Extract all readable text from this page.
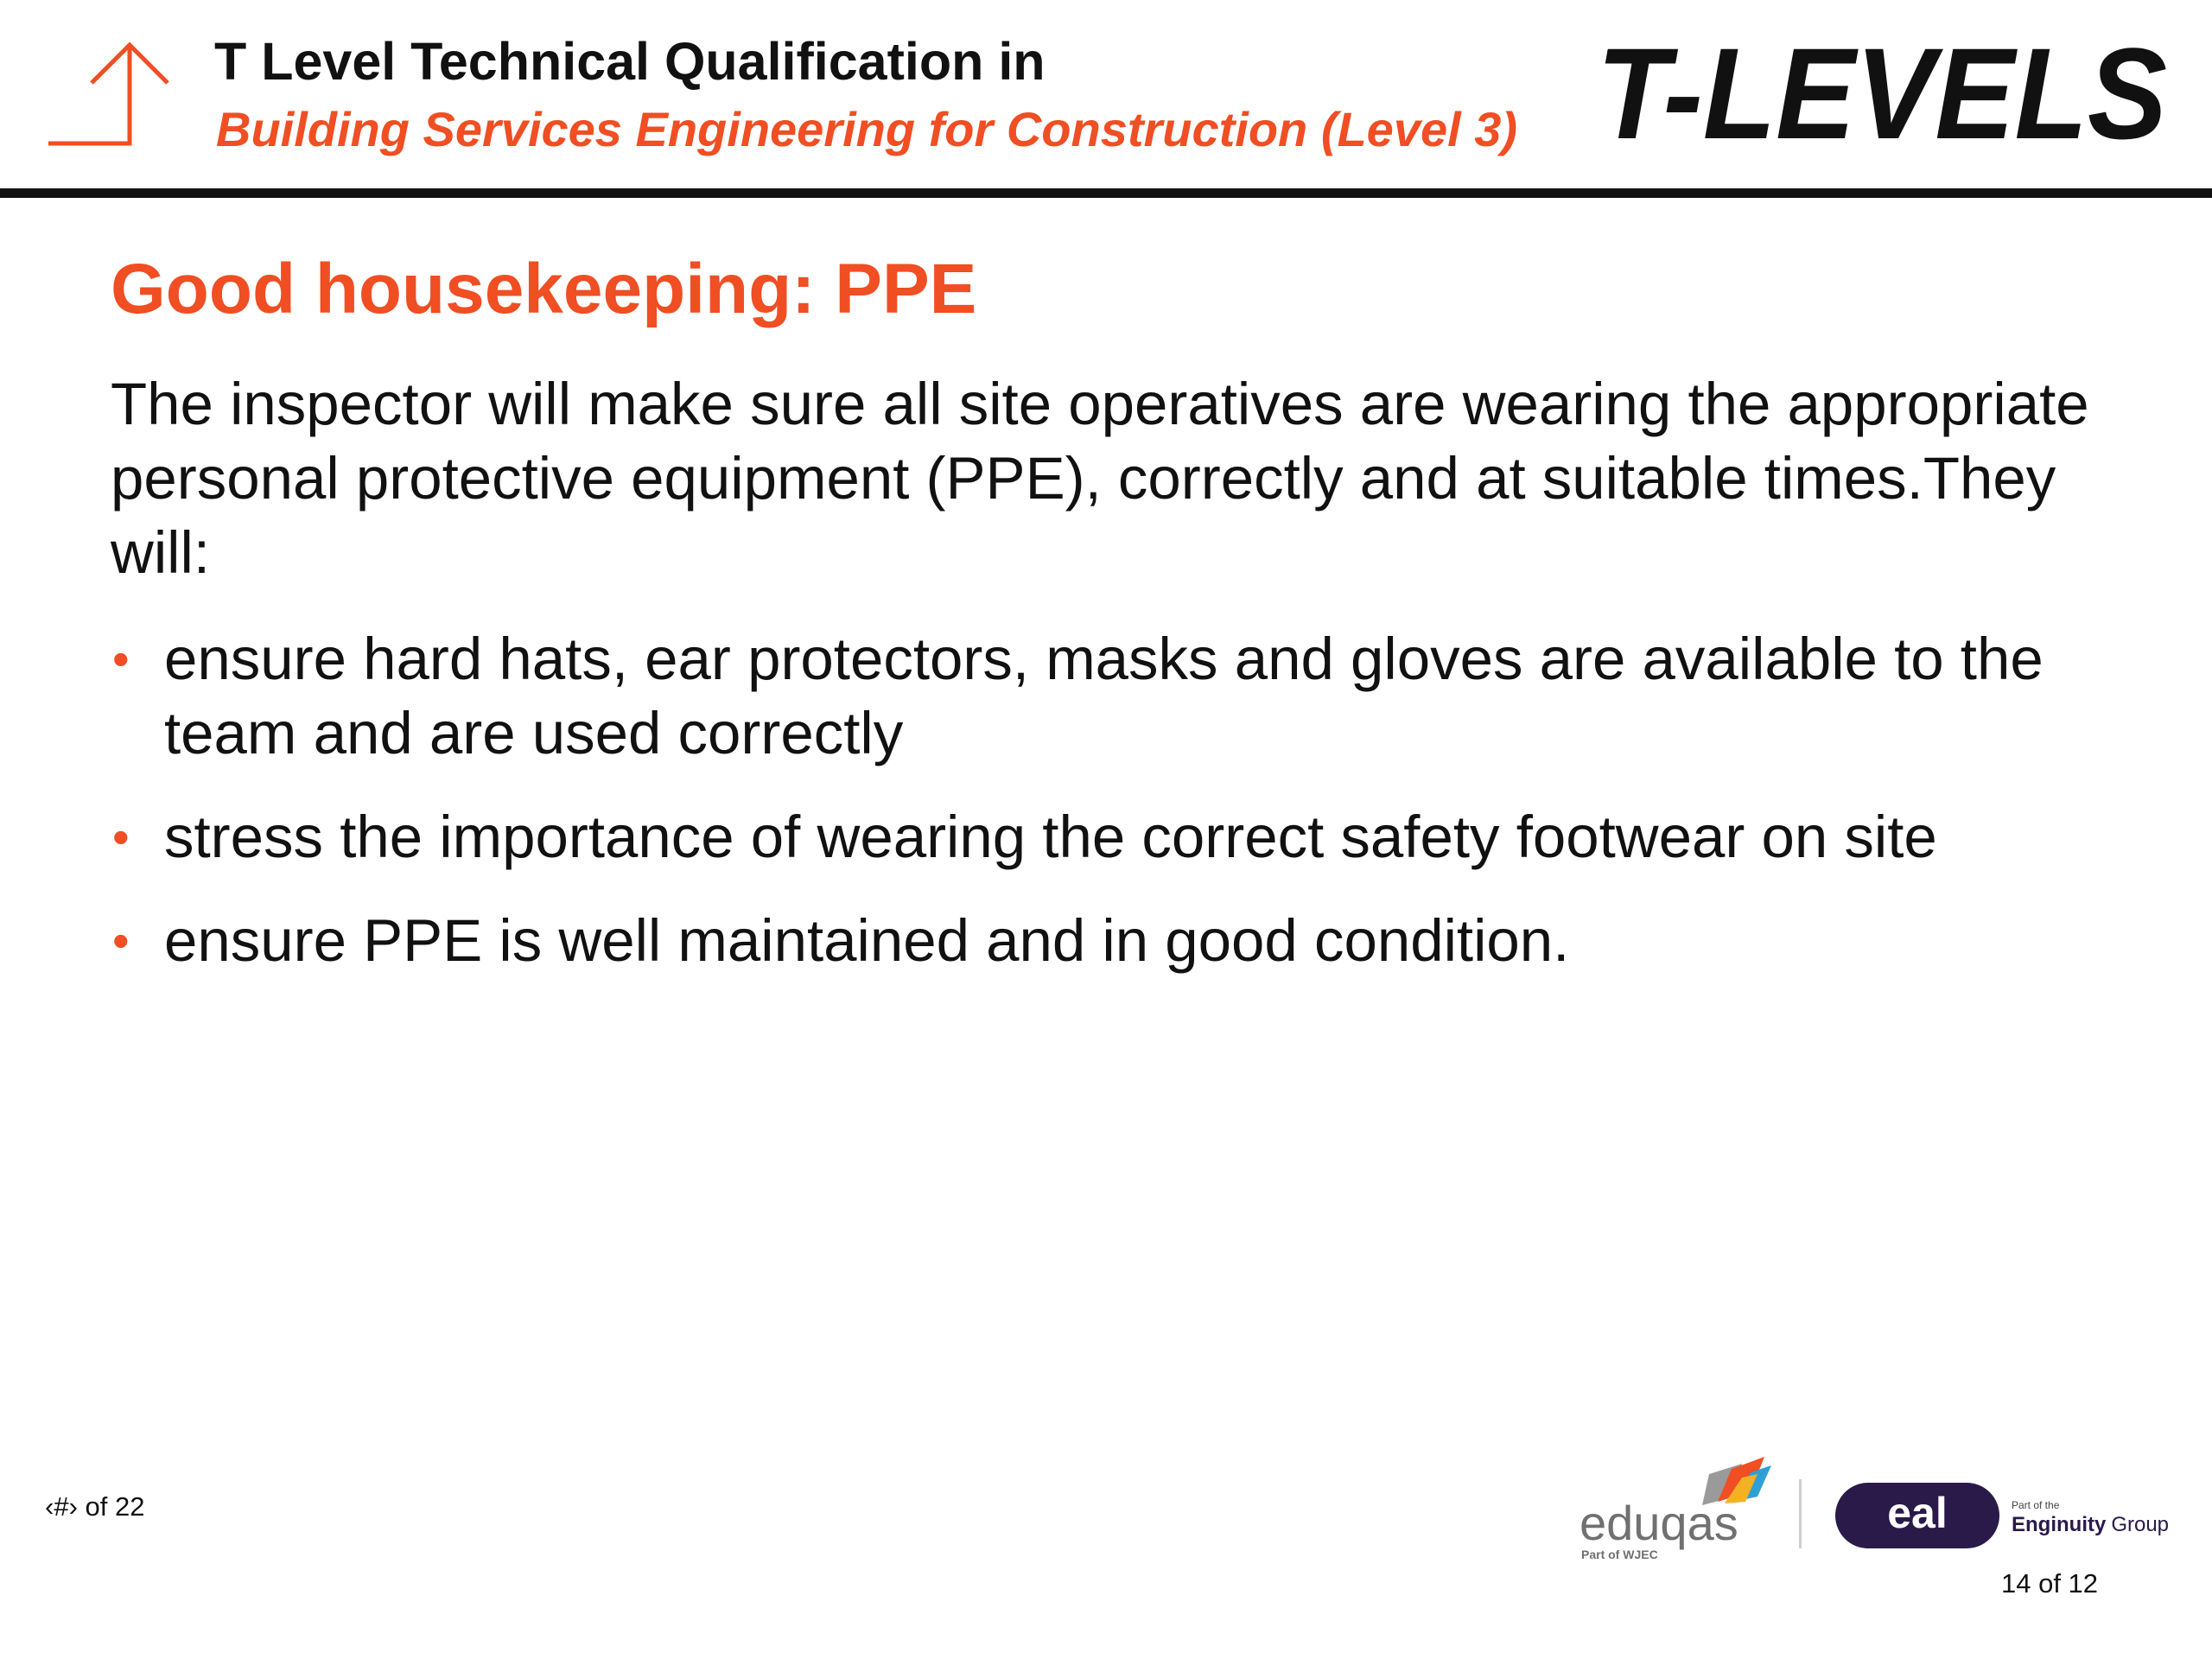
T Level Technical Qualification in
Building Services Engineering for Construction (Level 3) T-LEVELS
Good housekeeping: PPE
The inspector will make sure all site operatives are wearing the appropriate personal protective equipment (PPE), correctly and at suitable times.They will:
• ensure hard hats, ear protectors, masks and gloves are available to the team and are used correctly
• stress the importance of wearing the correct safety footwear on site
• ensure PPE is well maintained and in good condition.
‹#› of 22	eduqas
Part of WJEC
eal	Part of the
Enginuity Group
14 of 12
